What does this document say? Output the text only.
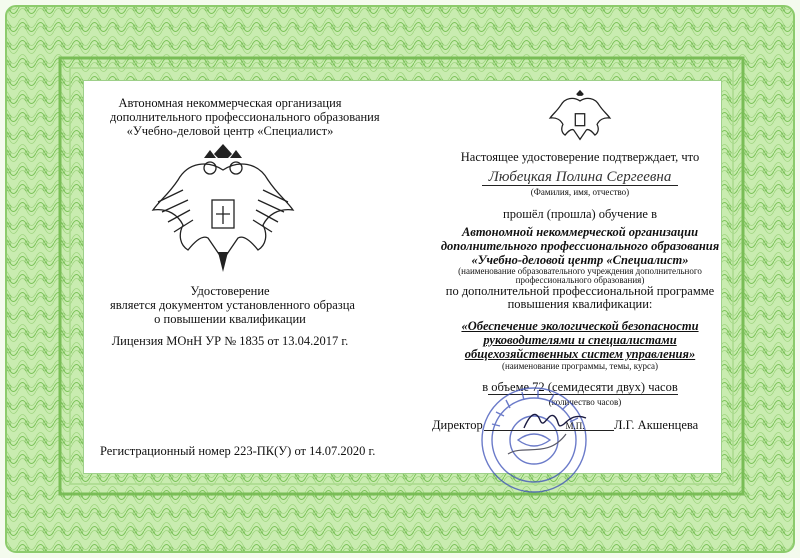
Автономная некоммерческая организация
дополнительного профессионального образования
«Учебно-деловой центр «Специалист»
Удостоверение
является документом установленного образца
о повышении квалификации
Лицензия МОнН УР № 1835 от 13.04.2017 г.
Регистрационный номер 223-ПК(У) от 14.07.2020 г.
Настоящее удостоверение подтверждает, что
Любецкая Полина Сергеевна
(Фамилия, имя, отчество)
прошёл (прошла) обучение в
Автономной некоммерческой организации
дополнительного профессионального образования
«Учебно-деловой центр «Специалист»
(наименование образовательного учреждения дополнительного
профессионального образования)
по дополнительной профессиональной программе
повышения квалификации:
«Обеспечение экологической безопасности
руководителями и специалистами
общехозяйственных систем управления»
(наименование программы, темы, курса)
в объеме 72 (семидесяти двух) часов
(количество часов)
Директор	М.П.	Л.Г. Акшенцева
